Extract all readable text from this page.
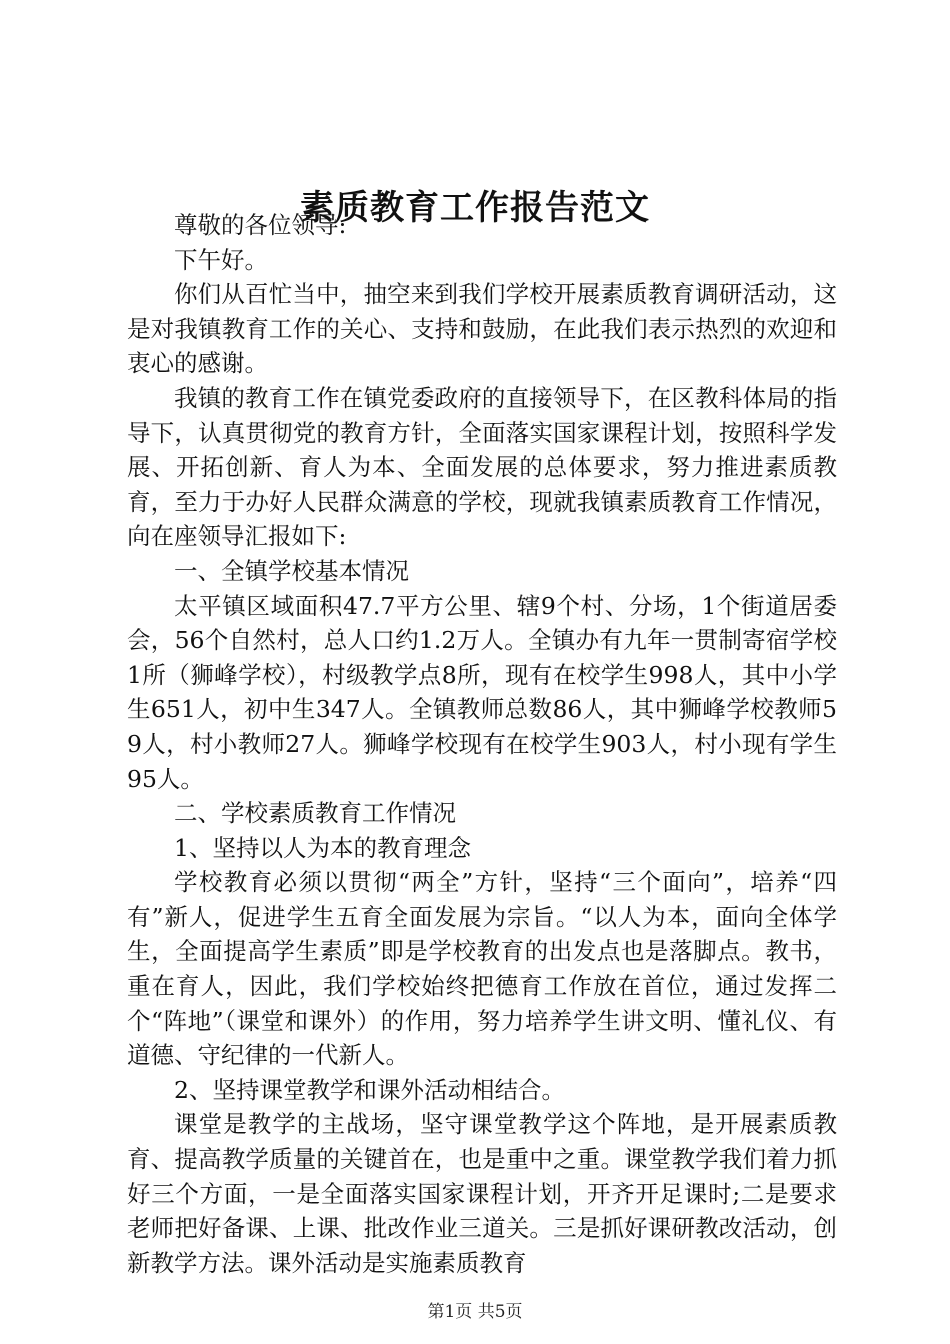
素质教育工作报告范文

尊敬的各位领导:

下午好。

你们从百忙当中，抽空来到我们学校开展素质教育调研活动，这是对我镇教育工作的关心、支持和鼓励，在此我们表示热烈的欢迎和衷心的感谢。

我镇的教育工作在镇党委政府的直接领导下，在区教科体局的指导下，认真贯彻党的教育方针，全面落实国家课程计划，按照科学发展、开拓创新、育人为本、全面发展的总体要求，努力推进素质教育，至力于办好人民群众满意的学校，现就我镇素质教育工作情况，向在座领导汇报如下:

一、全镇学校基本情况

太平镇区域面积47.7平方公里、辖9个村、分场，1个街道居委会，56个自然村，总人口约1.2万人。全镇办有九年一贯制寄宿学校1所（狮峰学校），村级教学点8所，现有在校学生998人，其中小学生651人，初中生347人。全镇教师总数86人，其中狮峰学校教师59人，村小教师27人。狮峰学校现有在校学生903人，村小现有学生95人。

二、学校素质教育工作情况

1、坚持以人为本的教育理念

学校教育必须以贯彻“两全”方针，坚持“三个面向”，培养“四有”新人，促进学生五育全面发展为宗旨。“以人为本，面向全体学生，全面提高学生素质”即是学校教育的出发点也是落脚点。教书，重在育人，因此，我们学校始终把德育工作放在首位，通过发挥二个“阵地”（课堂和课外）的作用，努力培养学生讲文明、懂礼仪、有道德、守纪律的一代新人。

2、坚持课堂教学和课外活动相结合。

课堂是教学的主战场，坚守课堂教学这个阵地，是开展素质教育、提高教学质量的关键首在，也是重中之重。课堂教学我们着力抓好三个方面，一是全面落实国家课程计划，开齐开足课时;二是要求老师把好备课、上课、批改作业三道关。三是抓好课研教改活动，创新教学方法。课外活动是实施素质教育

第1页 共5页
